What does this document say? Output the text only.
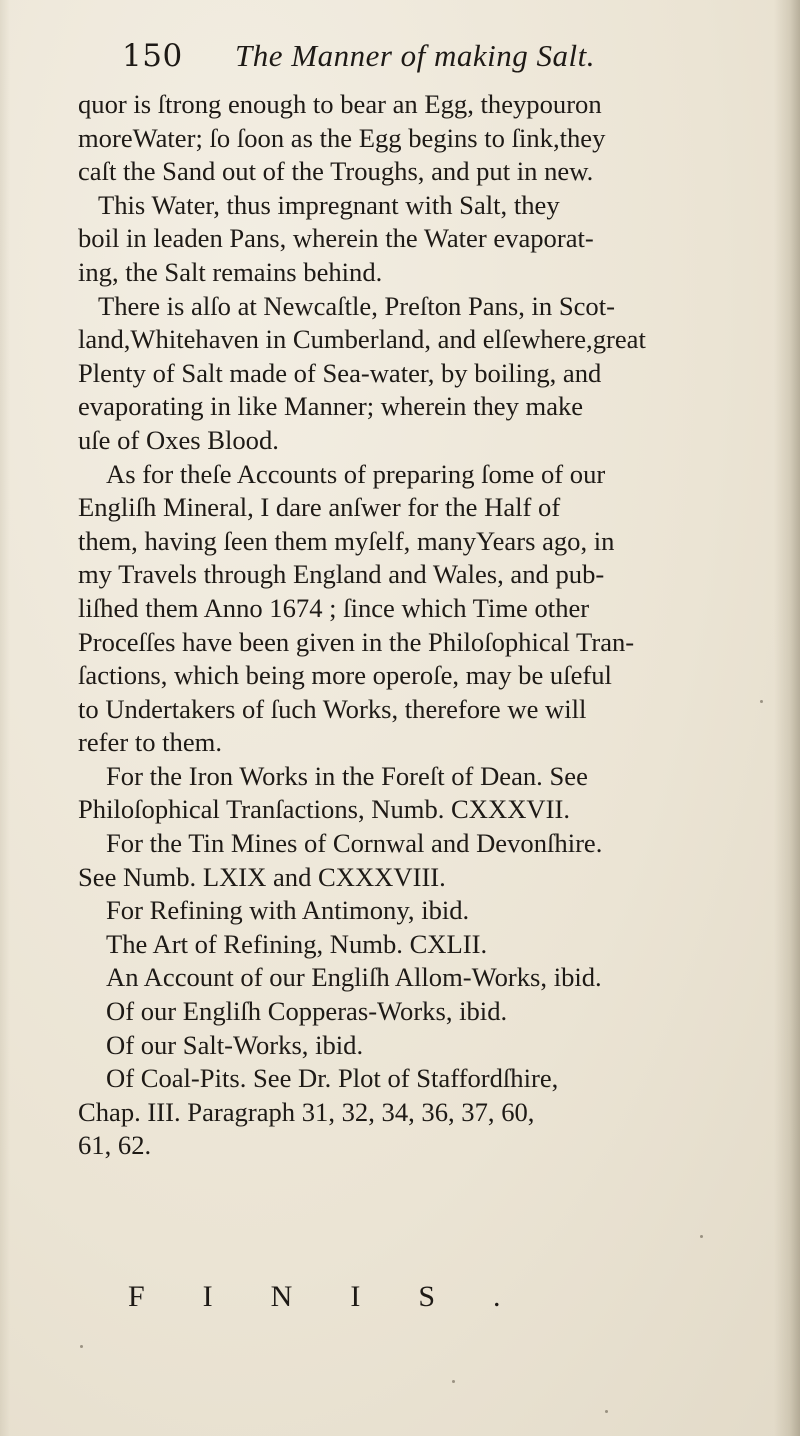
150 The Manner of making Salt.
quor is ſtrong enough to bear an Egg, theypouron
moreWater; ſo ſoon as the Egg begins to ſink,they
caſt the Sand out of the Troughs, and put in new.
This Water, thus impregnant with Salt, they
boil in leaden Pans, wherein the Water evaporat-
ing, the Salt remains behind.
There is alſo at Newcaſtle, Preſton Pans, in Scot-
land,Whitehaven in Cumberland, and elſewhere,great
Plenty of Salt made of Sea-water, by boiling, and
evaporating in like Manner; wherein they make
uſe of Oxes Blood.
As for theſe Accounts of preparing ſome of our
Engliſh Mineral, I dare anſwer for the Half of
them, having ſeen them myſelf, manyYears ago, in
my Travels through England and Wales, and pub-
liſhed them Anno 1674 ; ſince which Time other
Proceſſes have been given in the Philoſophical Tran-
ſactions, which being more operoſe, may be uſeful
to Undertakers of ſuch Works, therefore we will
refer to them.
For the Iron Works in the Foreſt of Dean. See
Philoſophical Tranſactions, Numb. CXXXVII.
For the Tin Mines of Cornwal and Devonſhire.
See Numb. LXIX and CXXXVIII.
For Refining with Antimony, ibid.
The Art of Refining, Numb. CXLII.
An Account of our Engliſh Allom-Works, ibid.
Of our Engliſh Copperas-Works, ibid.
Of our Salt-Works, ibid.
Of Coal-Pits. See Dr. Plot of Staffordſhire,
Chap. III. Paragraph 31, 32, 34, 36, 37, 60,
61, 62.
FINIS.
